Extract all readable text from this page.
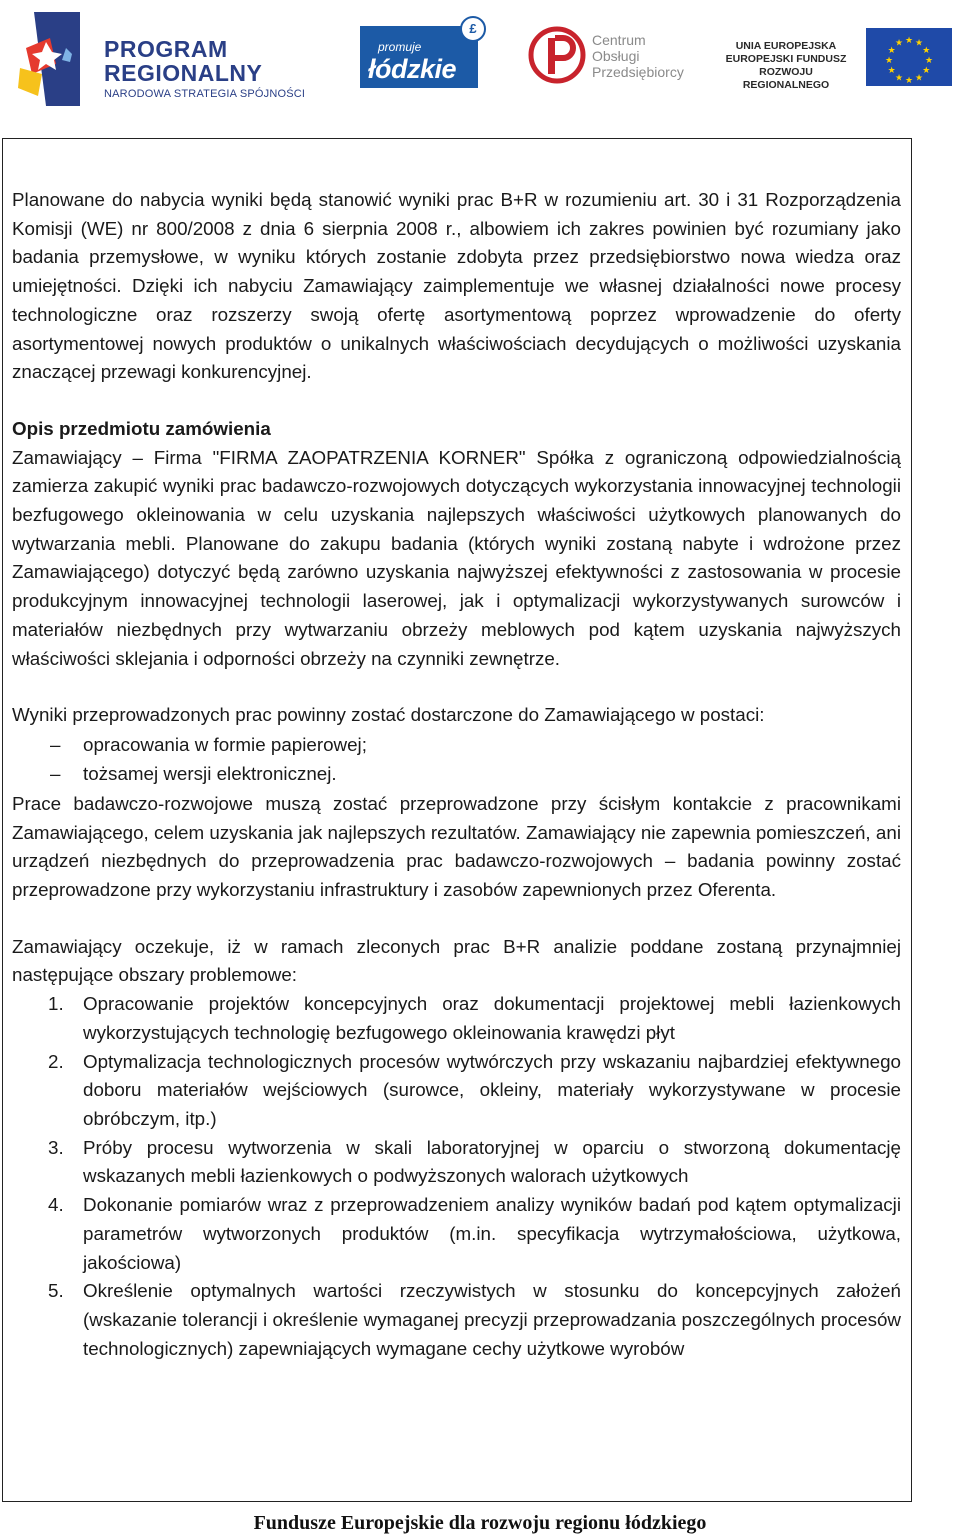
PROGRAM
REGIONALNY
NARODOWA STRATEGIA SPÓJNOŚCI
promuje
łódzkie
£
Centrum
Obsługi
Przedsiębiorcy
UNIA EUROPEJSKA
EUROPEJSKI FUNDUSZ
ROZWOJU REGIONALNEGO
★ ★
★
★
★
★
★
★
★
★
★
★

Planowane do nabycia wyniki będą stanowić wyniki prac B+R w rozumieniu art. 30 i 31 Rozporządzenia Komisji (WE) nr 800/2008 z dnia 6 sierpnia 2008 r., albowiem ich zakres powinien być rozumiany jako badania przemysłowe, w wyniku których zostanie zdobyta przez przedsiębiorstwo nowa wiedza oraz umiejętności. Dzięki ich nabyciu Zamawiający zaimplementuje we własnej działalności nowe procesy technologiczne oraz rozszerzy swoją ofertę asortymentową poprzez wprowadzenie do oferty asortymentowej nowych produktów o unikalnych właściwościach decydujących o możliwości uzyskania znaczącej przewagi konkurencyjnej.

Opis przedmiotu zamówienia

Zamawiający – Firma "FIRMA ZAOPATRZENIA KORNER" Spółka z ograniczoną odpowiedzialnością zamierza zakupić wyniki prac badawczo-rozwojowych dotyczących wykorzystania innowacyjnej technologii bezfugowego okleinowania w celu uzyskania najlepszych właściwości użytkowych planowanych do wytwarzania mebli. Planowane do zakupu badania (których wyniki zostaną nabyte i wdrożone przez Zamawiającego) dotyczyć będą zarówno uzyskania najwyższej efektywności z zastosowania w procesie produkcyjnym innowacyjnej technologii laserowej, jak i optymalizacji wykorzystywanych surowców i materiałów niezbędnych przy wytwarzaniu obrzeży meblowych pod kątem uzyskania najwyższych właściwości sklejania i odporności obrzeży na czynniki zewnętrze.

Wyniki przeprowadzonych prac powinny zostać dostarczone do Zamawiającego w postaci:

– opracowania w formie papierowej;
– tożsamej wersji elektronicznej.

Prace badawczo-rozwojowe muszą zostać przeprowadzone przy ścisłym kontakcie z pracownikami Zamawiającego, celem uzyskania jak najlepszych rezultatów. Zamawiający nie zapewnia pomieszczeń, ani urządzeń niezbędnych do przeprowadzenia prac badawczo-rozwojowych – badania powinny zostać przeprowadzone przy wykorzystaniu infrastruktury i zasobów zapewnionych przez Oferenta.

Zamawiający oczekuje, iż w ramach zleconych prac B+R analizie poddane zostaną przynajmniej następujące obszary problemowe:

1. Opracowanie projektów koncepcyjnych oraz dokumentacji projektowej mebli łazienkowych wykorzystujących technologię bezfugowego okleinowania krawędzi płyt
2. Optymalizacja technologicznych procesów wytwórczych przy wskazaniu najbardziej efektywnego doboru materiałów wejściowych (surowce, okleiny, materiały wykorzystywane w procesie obróbczym, itp.)
3. Próby procesu wytworzenia w skali laboratoryjnej w oparciu o stworzoną dokumentację wskazanych mebli łazienkowych o podwyższonych walorach użytkowych
4. Dokonanie pomiarów wraz z przeprowadzeniem analizy wyników badań pod kątem optymalizacji parametrów wytworzonych produktów (m.in. specyfikacja wytrzymałościowa, użytkowa, jakościowa)
5. Określenie optymalnych wartości rzeczywistych w stosunku do koncepcyjnych założeń (wskazanie tolerancji i określenie wymaganej precyzji przeprowadzania poszczególnych procesów technologicznych) zapewniających wymagane cechy użytkowe wyrobów
Fundusze Europejskie dla rozwoju regionu łódzkiego
